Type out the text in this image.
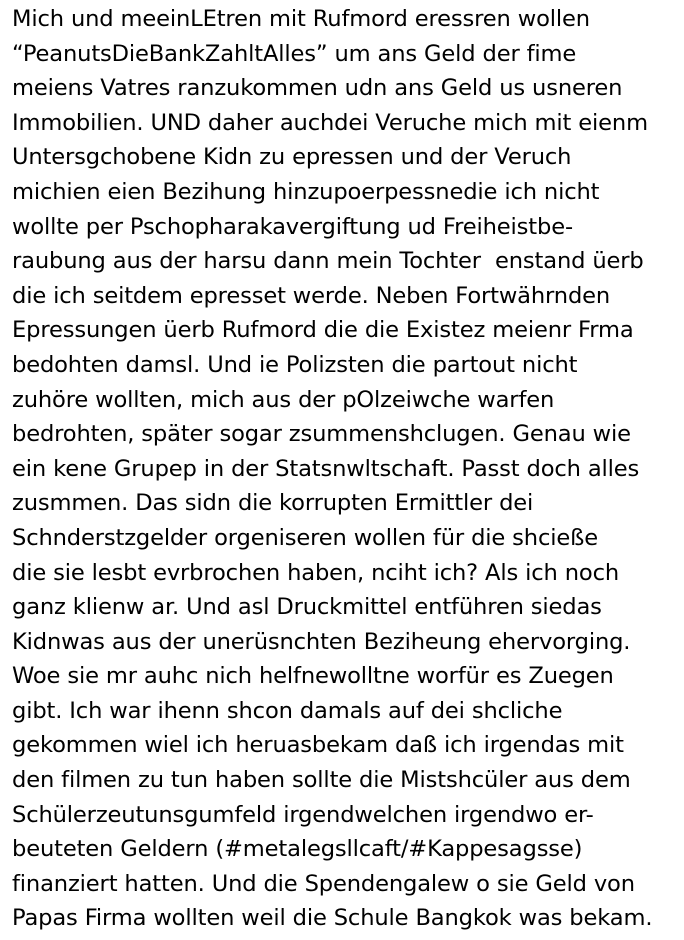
Mich und meeinLEtren mit Rufmord eressren wollen
“PeanutsDieBankZahltAlles” um ans Geld der fime
meiens Vatres ranzukommen udn ans Geld us usneren
Immobilien. UND daher auchdei Veruche mich mit eienm
Untersgchobene Kidn zu epressen und der Veruch
michien eien Bezihung hinzupoerpessnedie ich nicht
wollte per Pschopharakavergiftung ud Freiheistbe-
raubung aus der harsu dann mein Tochter  enstand üerb
die ich seitdem epresset werde. Neben Fortwährnden
Epressungen üerb Rufmord die die Existez meienr Frma
bedohten damsl. Und ie Polizsten die partout nicht
zuhöre wollten, mich aus der pOlzeiwche warfen
bedrohten, später sogar zsummenshclugen. Genau wie
ein kene Grupep in der Statsnwltschaft. Passt doch alles
zusmmen. Das sidn die korrupten Ermittler dei
Schnderstzgelder orgeniseren wollen für die shcieße
die sie lesbt evrbrochen haben, nciht ich? Als ich noch
ganz klienw ar. Und asl Druckmittel entführen siedas
Kidnwas aus der unerüsnchten Beziheung ehervorging.
Woe sie mr auhc nich helfnewolltne worfür es Zuegen
gibt. Ich war ihenn shcon damals auf dei shcliche
gekommen wiel ich heruasbekam daß ich irgendas mit
den filmen zu tun haben sollte die Mistshcüler aus dem
Schülerzeutunsgumfeld irgendwelchen irgendwo er-
beuteten Geldern (#metalegsllcaft/#Kappesagsse)
finanziert hatten. Und die Spendengalew o sie Geld von
Papas Firma wollten weil die Schule Bangkok was bekam.
